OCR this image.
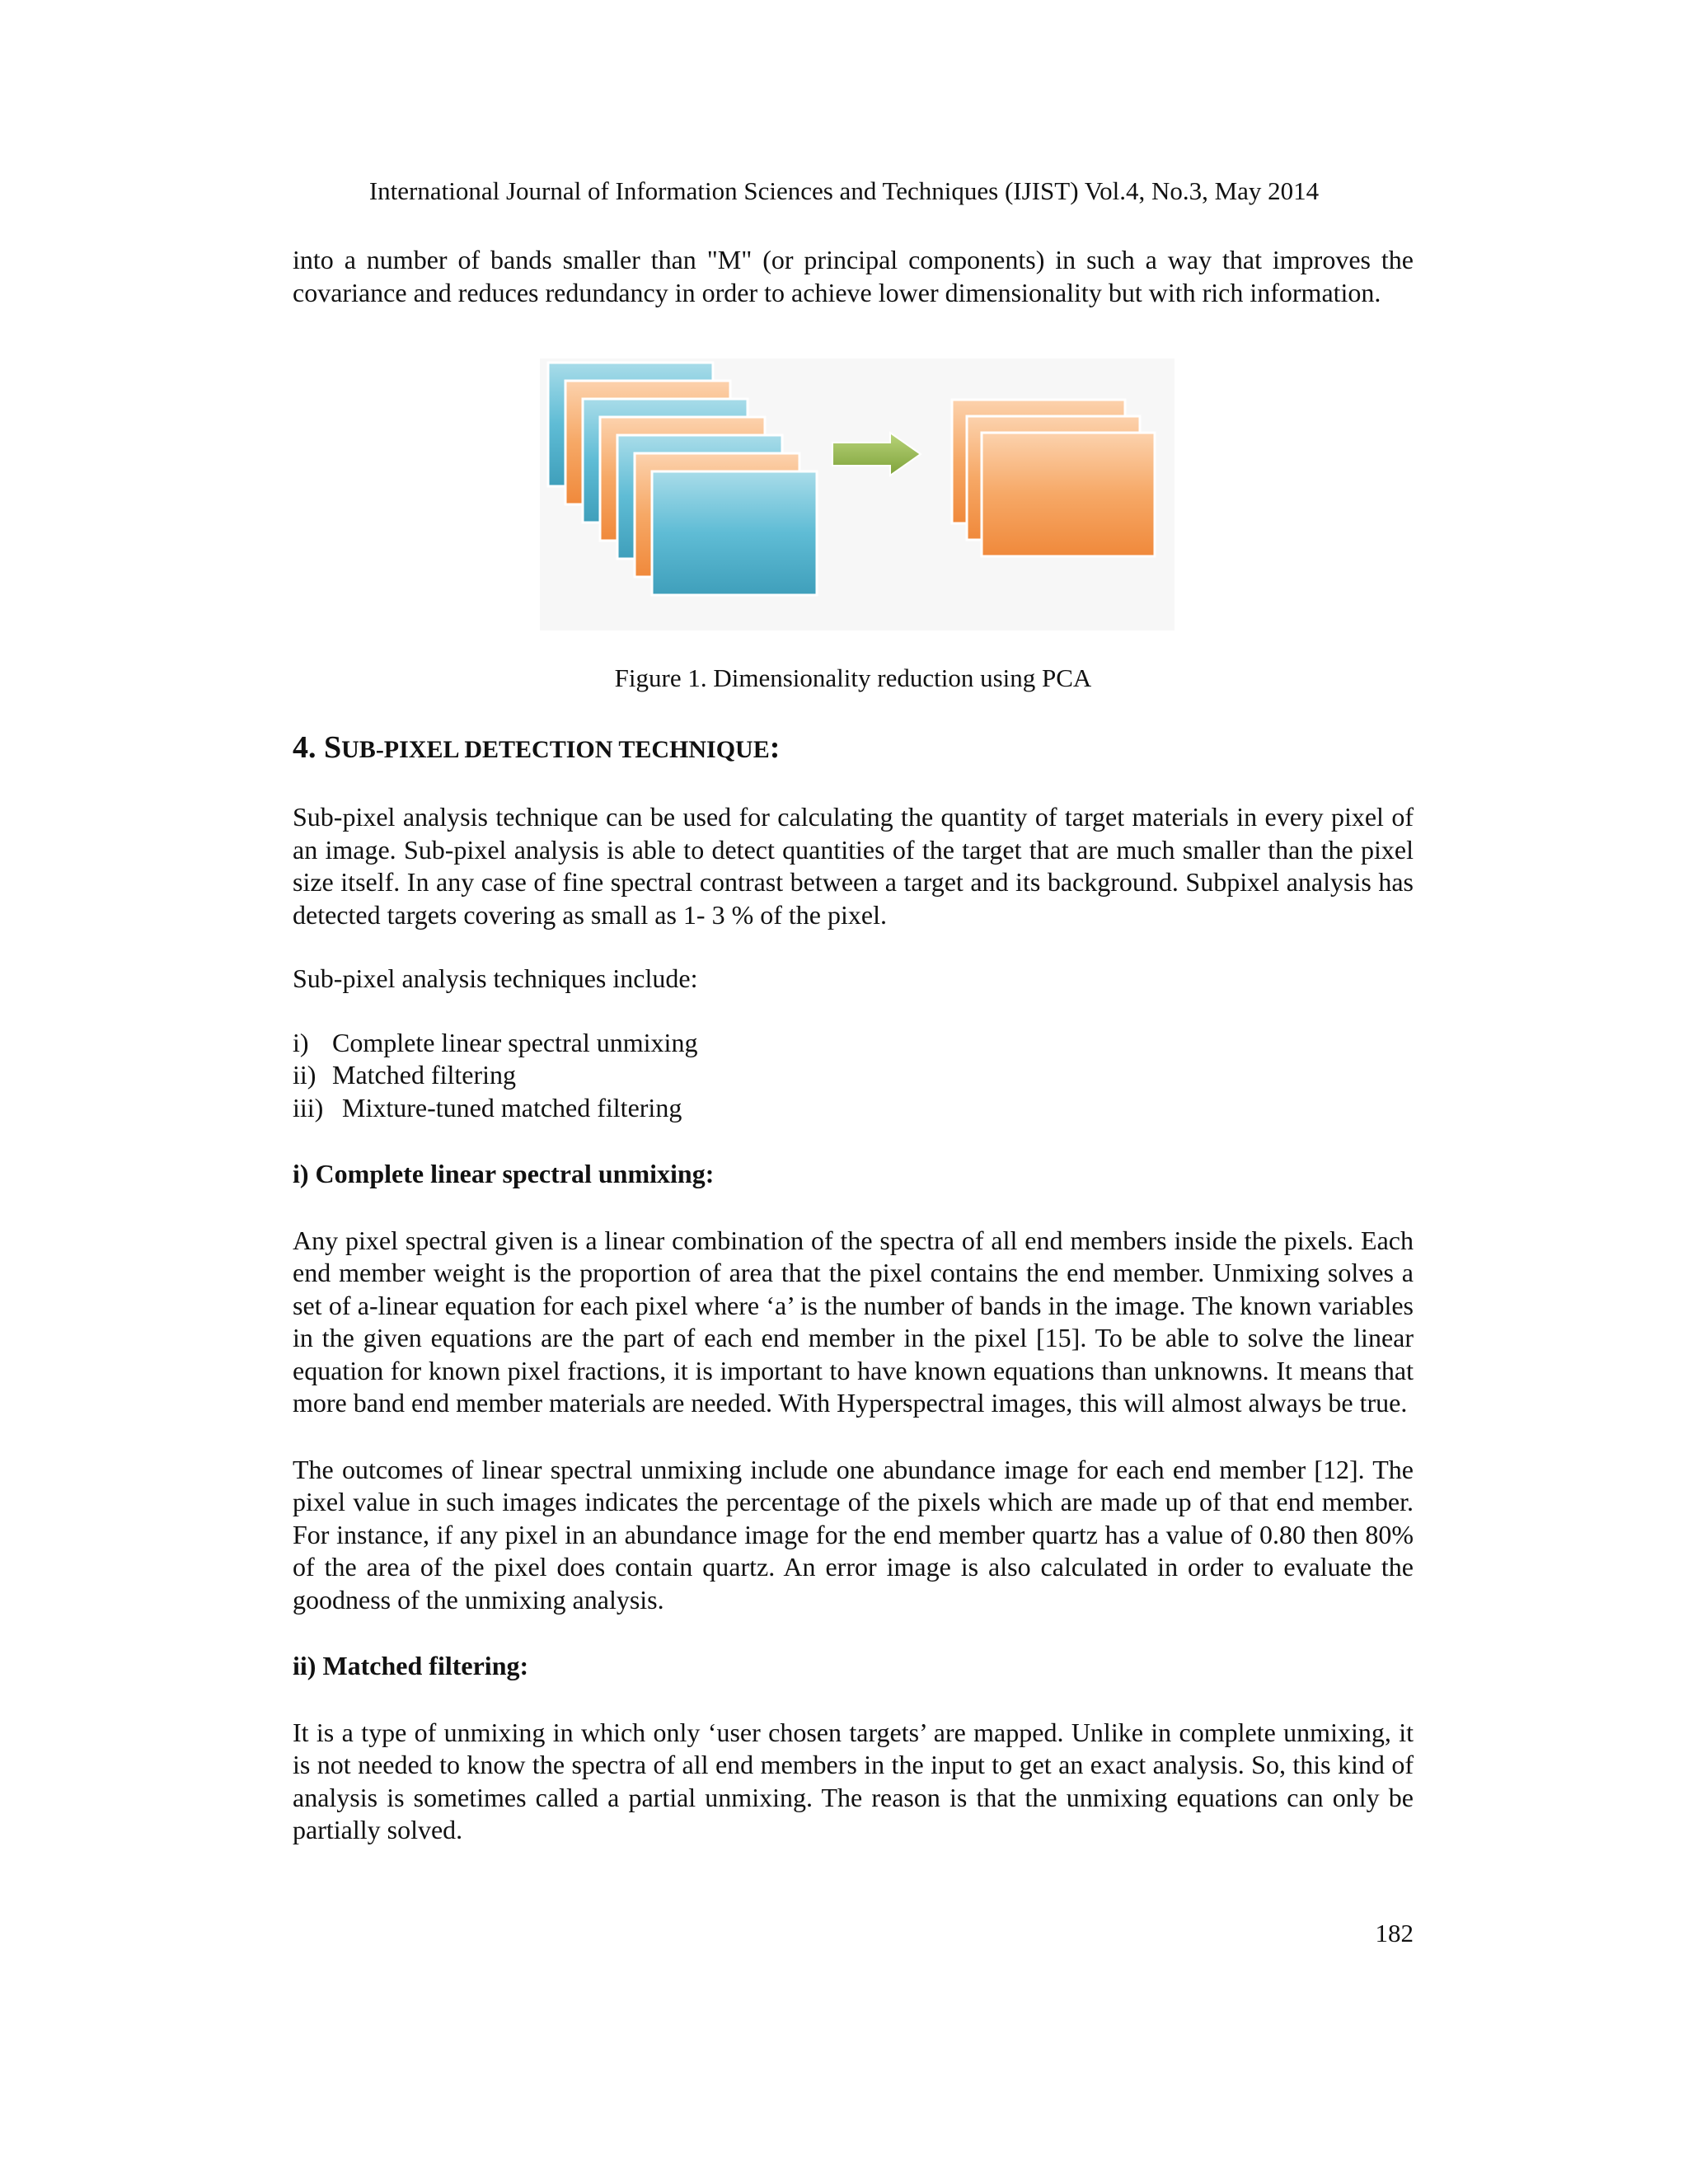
International Journal of Information Sciences and Techniques (IJIST) Vol.4, No.3, May 2014

into a number of bands smaller than "M" (or principal components) in such a way that improves the covariance and reduces redundancy in order to achieve lower dimensionality but with rich information.

Figure 1. Dimensionality reduction using PCA

4. SUB-PIXEL DETECTION TECHNIQUE:

Sub-pixel analysis technique can be used for calculating the quantity of target materials in every pixel of an image. Sub-pixel analysis is able to detect quantities of the target that are much smaller than the pixel size itself. In any case of fine spectral contrast between a target and its background. Subpixel analysis has detected targets covering as small as 1- 3 % of the pixel.

Sub-pixel analysis techniques include:

i) Complete linear spectral unmixing
ii) Matched filtering
iii) Mixture-tuned matched filtering

i) Complete linear spectral unmixing:

Any pixel spectral given is a linear combination of the spectra of all end members inside the pixels. Each end member weight is the proportion of area that the pixel contains the end member. Unmixing solves a set of a-linear equation for each pixel where ‘a’ is the number of bands in the image. The known variables in the given equations are the part of each end member in the pixel [15]. To be able to solve the linear equation for known pixel fractions, it is important to have known equations than unknowns. It means that more band end member materials are needed. With Hyperspectral images, this will almost always be true.

The outcomes of linear spectral unmixing include one abundance image for each end member [12]. The pixel value in such images indicates the percentage of the pixels which are made up of that end member. For instance, if any pixel in an abundance image for the end member quartz has a value of 0.80 then 80% of the area of the pixel does contain quartz. An error image is also calculated in order to evaluate the goodness of the unmixing analysis.

ii) Matched filtering:

It is a type of unmixing in which only ‘user chosen targets’ are mapped. Unlike in complete unmixing, it is not needed to know the spectra of all end members in the input to get an exact analysis. So, this kind of analysis is sometimes called a partial unmixing. The reason is that the unmixing equations can only be partially solved.

182
